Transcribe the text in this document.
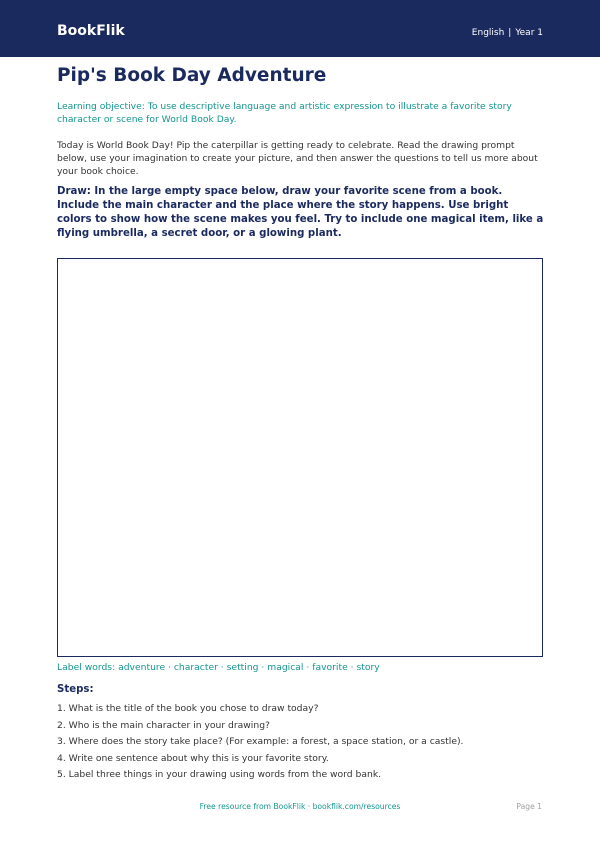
BookFlik	English | Year 1
Pip's Book Day Adventure
Learning objective: To use descriptive language and artistic expression to illustrate a favorite story character or scene for World Book Day.
Today is World Book Day! Pip the caterpillar is getting ready to celebrate. Read the drawing prompt below, use your imagination to create your picture, and then answer the questions to tell us more about your book choice.
Draw: In the large empty space below, draw your favorite scene from a book. Include the main character and the place where the story happens. Use bright colors to show how the scene makes you feel. Try to include one magical item, like a flying umbrella, a secret door, or a glowing plant.
Label words: adventure · character · setting · magical · favorite · story
Steps:
1. What is the title of the book you chose to draw today?
2. Who is the main character in your drawing?
3. Where does the story take place? (For example: a forest, a space station, or a castle).
4. Write one sentence about why this is your favorite story.
5. Label three things in your drawing using words from the word bank.
Free resource from BookFlik · bookflik.com/resources	Page 1
